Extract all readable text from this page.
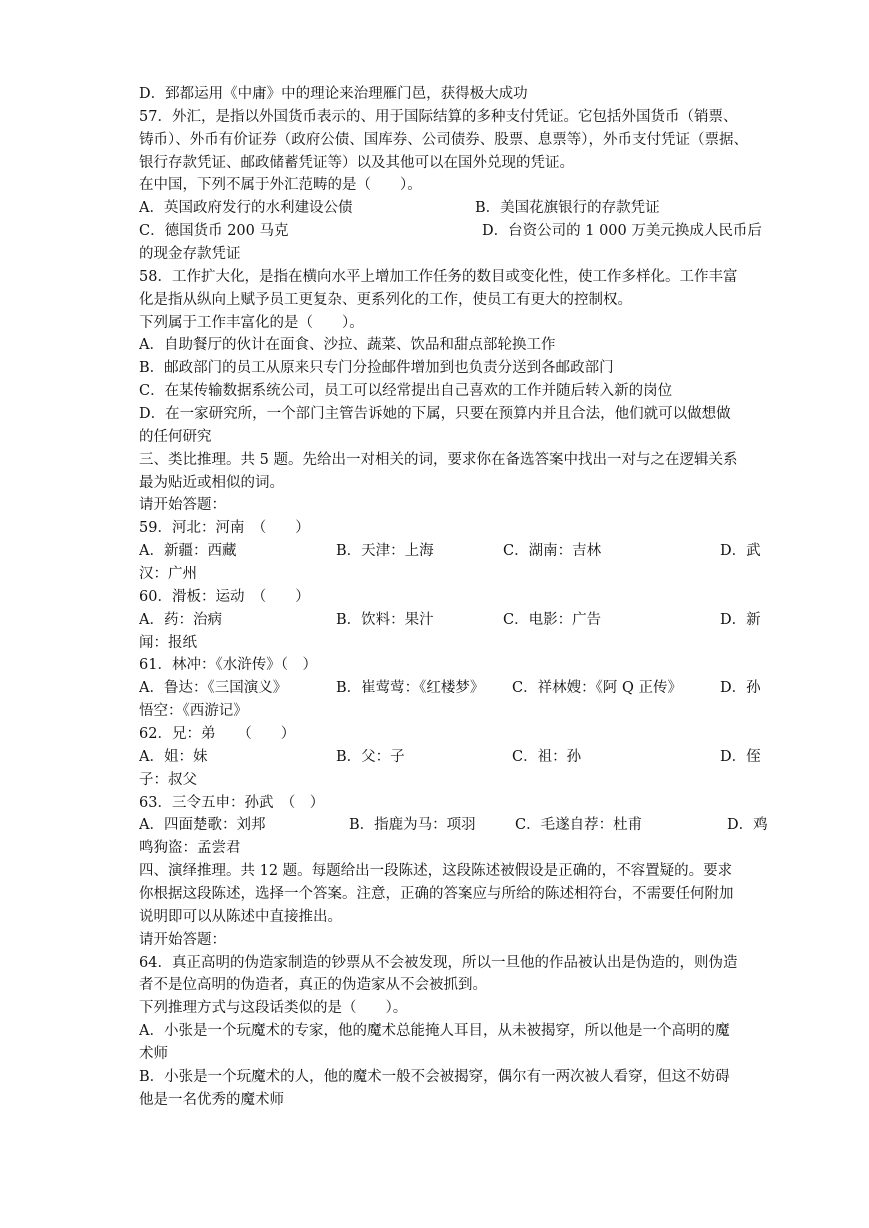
D．郅都运用《中庸》中的理论来治理雁门邑，获得极大成功
57．外汇，是指以外国货币表示的、用于国际结算的多种支付凭证。它包括外国货币（销票、
铸币）、外币有价证券（政府公债、国库券、公司债券、股票、息票等），外币支付凭证（票据、
银行存款凭证、邮政储蓄凭证等）以及其他可以在国外兑现的凭证。
在中国，下列不属于外汇范畴的是（　　）。
A．英国政府发行的水利建设公债	B．美国花旗银行的存款凭证
C．德国货币 200 马克	D．台资公司的 1 000 万美元换成人民币后
的现金存款凭证
58．工作扩大化，是指在横向水平上增加工作任务的数目或变化性，使工作多样化。工作丰富
化是指从纵向上赋予员工更复杂、更系列化的工作，使员工有更大的控制权。
下列属于工作丰富化的是（　　）。
A．自助餐厅的伙计在面食、沙拉、蔬菜、饮品和甜点部轮换工作
B．邮政部门的员工从原来只专门分捡邮件增加到也负责分送到各邮政部门
C．在某传输数据系统公司，员工可以经常提出自己喜欢的工作并随后转入新的岗位
D．在一家研究所，一个部门主管告诉她的下属，只要在预算内并且合法，他们就可以做想做
的任何研究
三、类比推理。共 5 题。先给出一对相关的词，要求你在备选答案中找出一对与之在逻辑关系
最为贴近或相似的词。
请开始答题：
59．河北：河南　（　　）
A．新疆：西藏	B．天津：上海	C．湖南：吉林	D．武
汉：广州
60．滑板：运动　（　　）
A．药：治病	B．饮料：果汁	C．电影：广告	D．新
闻：报纸
61．林冲：《水浒传》（　）
A．鲁达：《三国演义》	B．崔莺莺：《红楼梦》 C．祥林嫂：《阿 Q 正传》	D．孙
悟空：《西游记》
62．兄：弟　　（　　）
A．姐：妹	B．父：子	C．祖：孙	D．侄
子：叔父
63．三令五申：孙武　（　）
A．四面楚歌：刘邦	B．指鹿为马：项羽	C．毛遂自荐：杜甫	D．鸡
鸣狗盗：孟尝君
四、演绎推理。共 12 题。每题给出一段陈述，这段陈述被假设是正确的，不容置疑的。要求
你根据这段陈述，选择一个答案。注意，正确的答案应与所给的陈述相符台，不需要任何附加
说明即可以从陈述中直接推出。
请开始答题：
64．真正高明的伪造家制造的钞票从不会被发现，所以一旦他的作品被认出是伪造的，则伪造
者不是位高明的伪造者，真正的伪造家从不会被抓到。
下列推理方式与这段话类似的是（　　）。
A．小张是一个玩魔术的专家，他的魔术总能掩人耳目，从未被揭穿，所以他是一个高明的魔
术师
B．小张是一个玩魔术的人，他的魔术一般不会被揭穿，偶尔有一两次被人看穿，但这不妨碍
他是一名优秀的魔术师
